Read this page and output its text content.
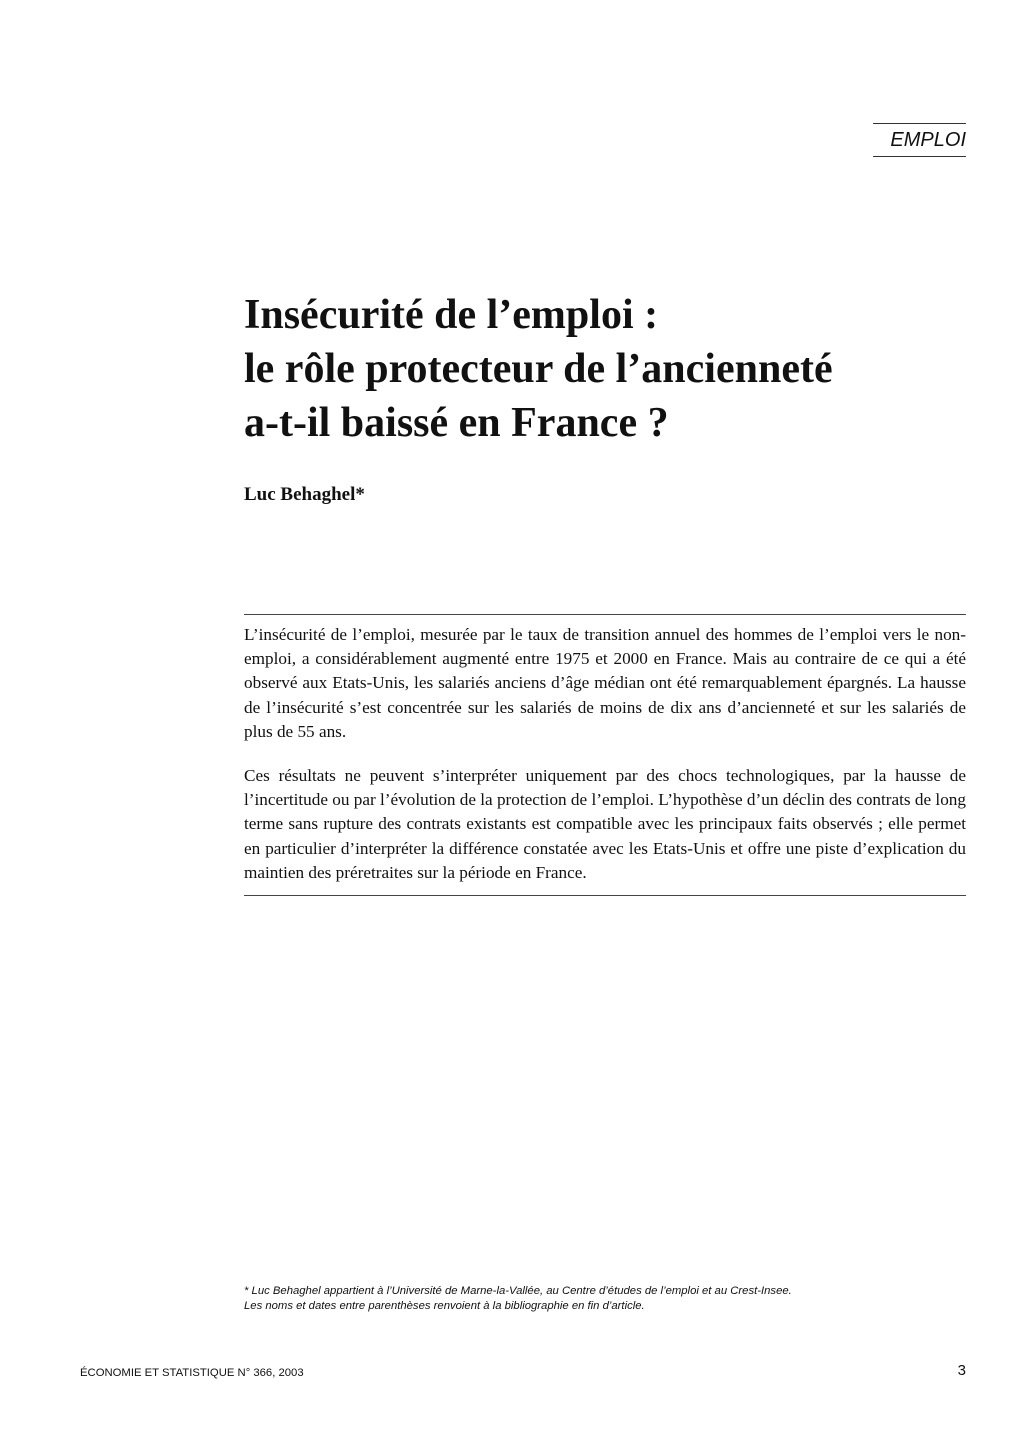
EMPLOI
Insécurité de l’emploi :
le rôle protecteur de l’ancienneté
a-t-il baissé en France ?
Luc Behaghel*

L’insécurité de l’emploi, mesurée par le taux de transition annuel des hommes de l’emploi vers le non-emploi, a considérablement augmenté entre 1975 et 2000 en France. Mais au contraire de ce qui a été observé aux Etats-Unis, les salariés anciens d’âge médian ont été remarquablement épargnés. La hausse de l’insécurité s’est concentrée sur les salariés de moins de dix ans d’ancienneté et sur les salariés de plus de 55 ans.

Ces résultats ne peuvent s’interpréter uniquement par des chocs technologiques, par la hausse de l’incertitude ou par l’évolution de la protection de l’emploi. L’hypothèse d’un déclin des contrats de long terme sans rupture des contrats existants est compatible avec les principaux faits observés ; elle permet en particulier d’interpréter la différence constatée avec les Etats-Unis et offre une piste d’explication du maintien des préretraites sur la période en France.

* Luc Behaghel appartient à l’Université de Marne-la-Vallée, au Centre d’études de l’emploi et au Crest-Insee.
Les noms et dates entre parenthèses renvoient à la bibliographie en fin d’article.
ÉCONOMIE ET STATISTIQUE N° 366, 2003	3
